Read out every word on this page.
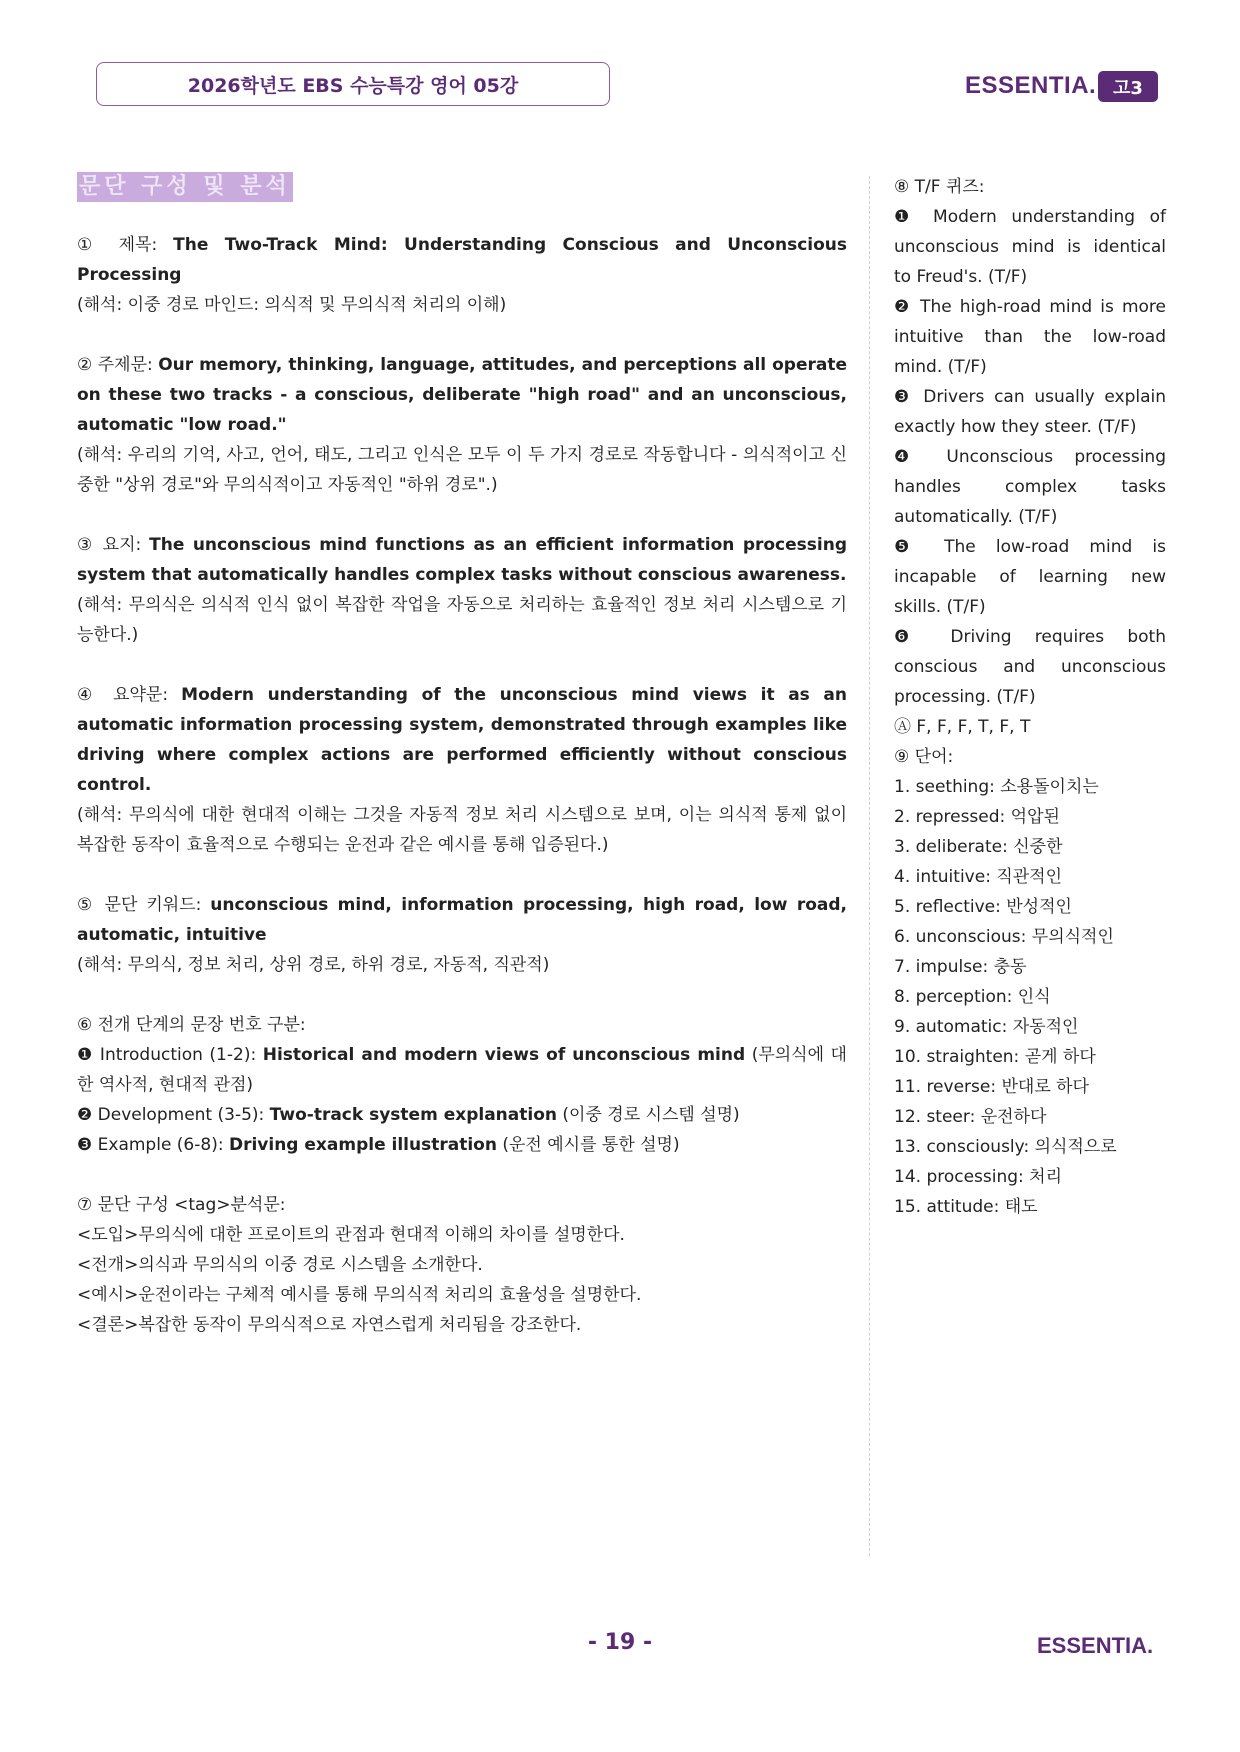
2026학년도 EBS 수능특강 영어 05강	ESSENTIA. 고3
문단 구성 및 분석

① 제목: The Two-Track Mind: Understanding Conscious and Unconscious Processing

(해석: 이중 경로 마인드: 의식적 및 무의식적 처리의 이해)

② 주제문: Our memory, thinking, language, attitudes, and perceptions all operate on these two tracks - a conscious, deliberate "high road" and an unconscious, automatic "low road."

(해석: 우리의 기억, 사고, 언어, 태도, 그리고 인식은 모두 이 두 가지 경로로 작동합니다 - 의식적이고 신중한 "상위 경로"와 무의식적이고 자동적인 "하위 경로".)

③ 요지: The unconscious mind functions as an efficient information processing system that automatically handles complex tasks without conscious awareness.

(해석: 무의식은 의식적 인식 없이 복잡한 작업을 자동으로 처리하는 효율적인 정보 처리 시스템으로 기능한다.)

④ 요약문: Modern understanding of the unconscious mind views it as an automatic information processing system, demonstrated through examples like driving where complex actions are performed efficiently without conscious control.

(해석: 무의식에 대한 현대적 이해는 그것을 자동적 정보 처리 시스템으로 보며, 이는 의식적 통제 없이 복잡한 동작이 효율적으로 수행되는 운전과 같은 예시를 통해 입증된다.)

⑤ 문단 키워드: unconscious mind, information processing, high road, low road, automatic, intuitive

(해석: 무의식, 정보 처리, 상위 경로, 하위 경로, 자동적, 직관적)

⑥ 전개 단계의 문장 번호 구분:

❶ Introduction (1-2): Historical and modern views of unconscious mind (무의식에 대한 역사적, 현대적 관점)

❷ Development (3-5): Two-track system explanation (이중 경로 시스템 설명)

❸ Example (6-8): Driving example illustration (운전 예시를 통한 설명)

⑦ 문단 구성 <tag>분석문:

<도입>무의식에 대한 프로이트의 관점과 현대적 이해의 차이를 설명한다.

<전개>의식과 무의식의 이중 경로 시스템을 소개한다.

<예시>운전이라는 구체적 예시를 통해 무의식적 처리의 효율성을 설명한다.

<결론>복잡한 동작이 무의식적으로 자연스럽게 처리됨을 강조한다.

⑧ T/F 퀴즈:

❶ Modern understanding of unconscious mind is identical to Freud's. (T/F)

❷ The high-road mind is more intuitive than the low-road mind. (T/F)

❸ Drivers can usually explain exactly how they steer. (T/F)

❹ Unconscious processing handles complex tasks automatically. (T/F)

❺ The low-road mind is incapable of learning new skills. (T/F)

❻ Driving requires both conscious and unconscious processing. (T/F)

Ⓐ F, F, F, T, F, T

⑨ 단어:

1. seething: 소용돌이치는

2. repressed: 억압된

3. deliberate: 신중한

4. intuitive: 직관적인

5. reflective: 반성적인

6. unconscious: 무의식적인

7. impulse: 충동

8. perception: 인식

9. automatic: 자동적인

10. straighten: 곧게 하다

11. reverse: 반대로 하다

12. steer: 운전하다

13. consciously: 의식적으로

14. processing: 처리

15. attitude: 태도

- 19 -	ESSENTIA.
